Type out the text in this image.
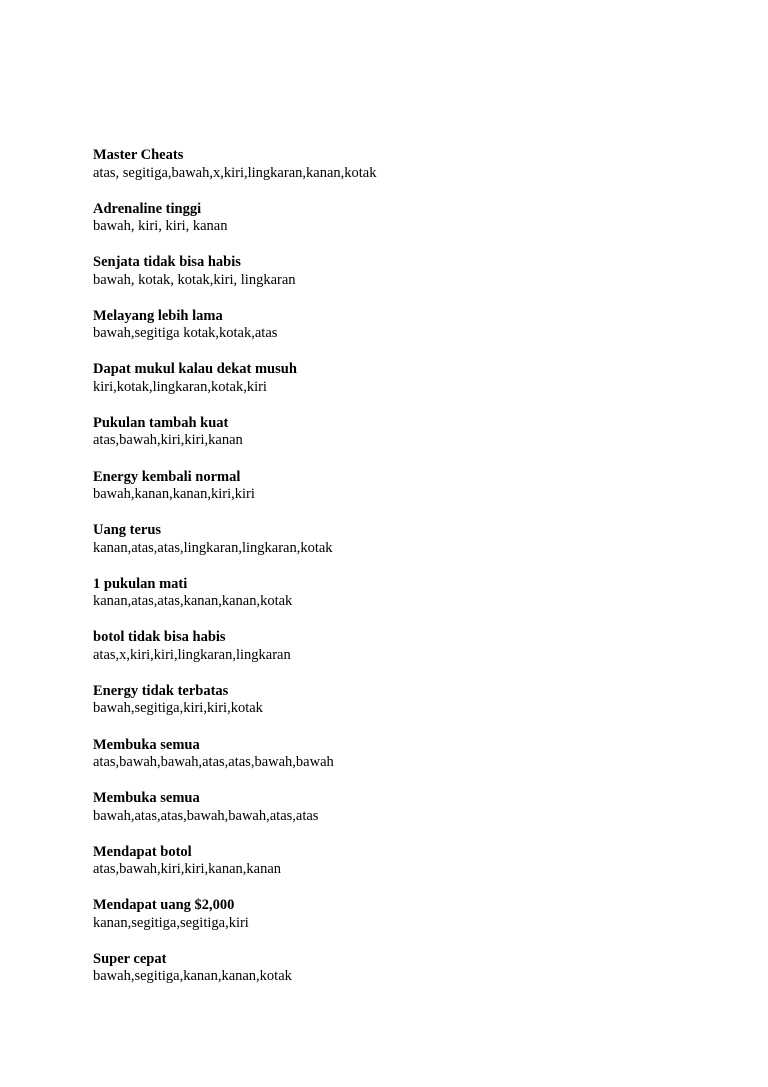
Master Cheats
atas, segitiga,bawah,x,kiri,lingkaran,kanan,kotak
Adrenaline tinggi
bawah, kiri, kiri, kanan
Senjata tidak bisa habis
bawah, kotak, kotak,kiri, lingkaran
Melayang lebih lama
bawah,segitiga kotak,kotak,atas
Dapat mukul kalau dekat musuh
kiri,kotak,lingkaran,kotak,kiri
Pukulan tambah kuat
atas,bawah,kiri,kiri,kanan
Energy kembali normal
bawah,kanan,kanan,kiri,kiri
Uang terus
kanan,atas,atas,lingkaran,lingkaran,kotak
1 pukulan mati
kanan,atas,atas,kanan,kanan,kotak
botol tidak bisa habis
atas,x,kiri,kiri,lingkaran,lingkaran
Energy tidak terbatas
bawah,segitiga,kiri,kiri,kotak
Membuka semua
atas,bawah,bawah,atas,atas,bawah,bawah
Membuka semua
bawah,atas,atas,bawah,bawah,atas,atas
Mendapat botol
atas,bawah,kiri,kiri,kanan,kanan
Mendapat uang $2,000
kanan,segitiga,segitiga,kiri
Super cepat
bawah,segitiga,kanan,kanan,kotak
